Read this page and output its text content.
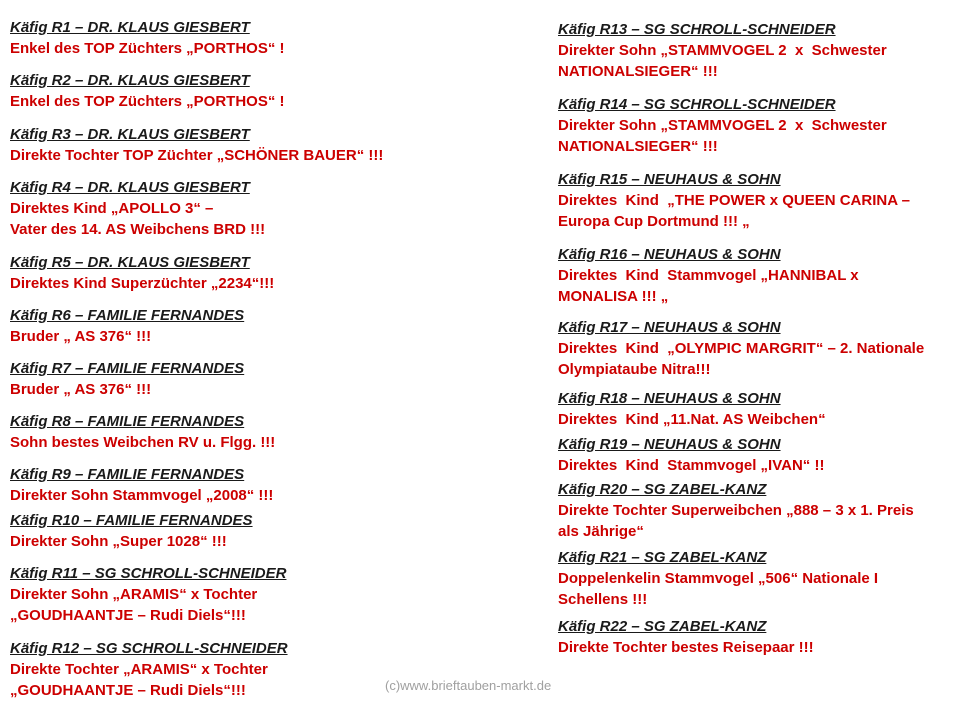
Käfig R1 – DR. KLAUS GIESBERT
Enkel des TOP Züchters „PORTHOS“ !
Käfig R2 – DR. KLAUS GIESBERT
Enkel des TOP Züchters „PORTHOS“ !
Käfig R3 – DR. KLAUS GIESBERT
Direkte Tochter TOP Züchter „SCHÖNER BAUER“ !!!
Käfig R4 – DR. KLAUS GIESBERT
Direktes Kind „APOLLO 3“ –
Vater des 14. AS Weibchens BRD !!!
Käfig R5 – DR. KLAUS GIESBERT
Direktes Kind Superzüchter „2234“!!!
Käfig R6 – FAMILIE FERNANDES
Bruder „ AS 376“ !!!
Käfig R7 – FAMILIE FERNANDES
Bruder „ AS 376“ !!!
Käfig R8 – FAMILIE FERNANDES
Sohn bestes Weibchen RV u. Flgg. !!!
Käfig R9 – FAMILIE FERNANDES
Direkter Sohn Stammvogel „2008“ !!!
Käfig R10 – FAMILIE FERNANDES
Direkter Sohn „Super 1028“ !!!
Käfig R11 – SG SCHROLL-SCHNEIDER
Direkter Sohn „ARAMIS“ x Tochter
„GOUDHAANTJE – Rudi Diels“!!!
Käfig R12 – SG SCHROLL-SCHNEIDER
Direkte Tochter „ARAMIS“ x Tochter
„GOUDHAANTJE – Rudi Diels“!!!
Käfig R13 – SG SCHROLL-SCHNEIDER
Direkter Sohn „STAMMVOGEL 2  x  Schwester
NATIONALSIEGER“ !!!
Käfig R14 – SG SCHROLL-SCHNEIDER
Direkter Sohn „STAMMVOGEL 2  x  Schwester
NATIONALSIEGER“ !!!
Käfig R15 – NEUHAUS & SOHN
Direktes  Kind  „THE POWER x QUEEN CARINA –
Europa Cup Dortmund !!! „
Käfig R16 – NEUHAUS & SOHN
Direktes  Kind  Stammvogel „HANNIBAL x
MONALISA !!! „
Käfig R17 – NEUHAUS & SOHN
Direktes  Kind  „OLYMPIC MARGRIT“ – 2. Nationale
Olympiataube Nitra!!!
Käfig R18 – NEUHAUS & SOHN
Direktes  Kind „11.Nat. AS Weibchen“
Käfig R19 – NEUHAUS & SOHN
Direktes  Kind  Stammvogel „IVAN“ !!
Käfig R20 – SG ZABEL-KANZ
Direkte Tochter Superweibchen „888 – 3 x 1. Preis
als Jährige“
Käfig R21 – SG ZABEL-KANZ
Doppelenkelin Stammvogel „506“ Nationale I
Schellens !!!
Käfig R22 – SG ZABEL-KANZ
Direkte Tochter bestes Reisepaar !!!
(c)www.brieftauben-markt.de
